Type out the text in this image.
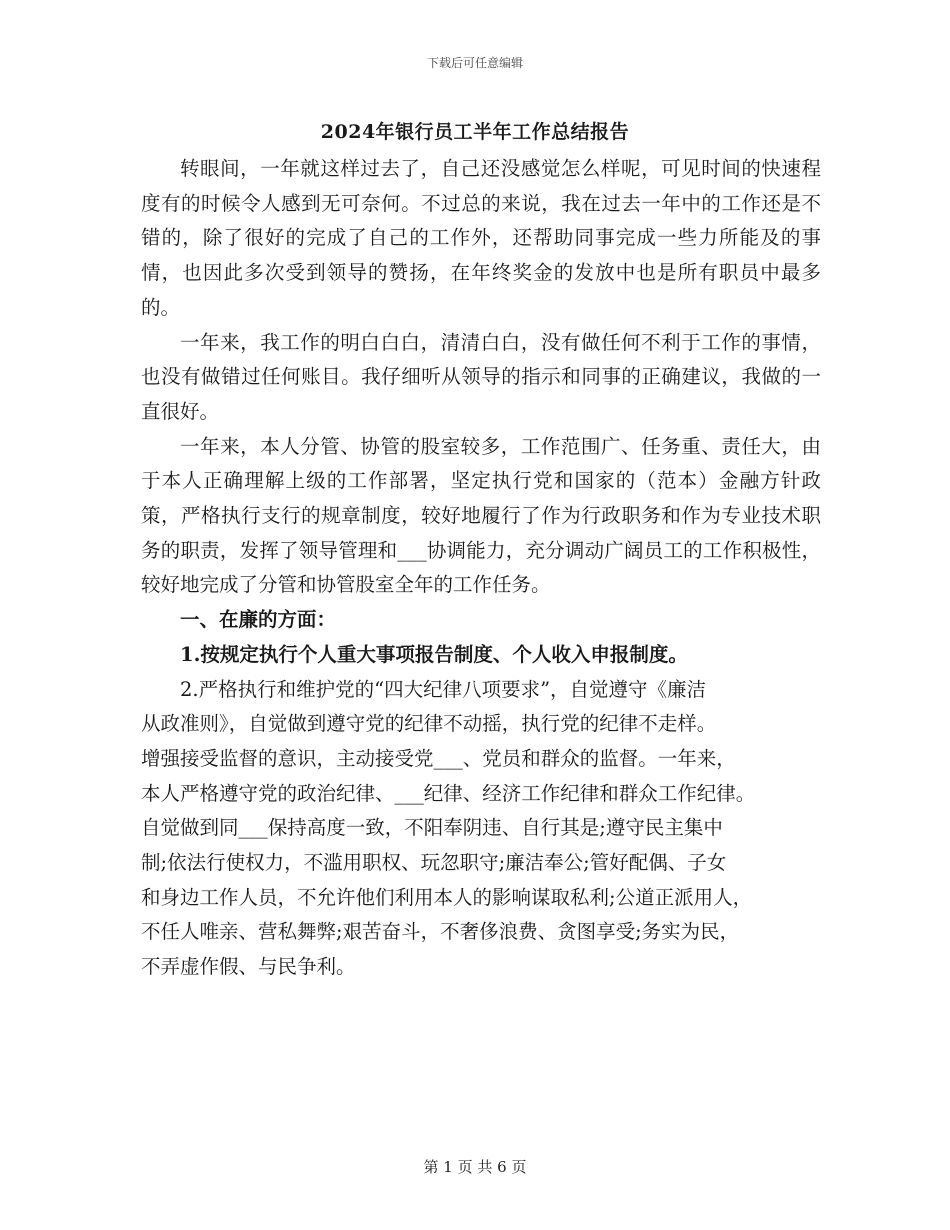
下载后可任意编辑
2024年银行员工半年工作总结报告

转眼间，一年就这样过去了，自己还没感觉怎么样呢，可见时间的快速程度有的时候令人感到无可奈何。不过总的来说，我在过去一年中的工作还是不错的，除了很好的完成了自己的工作外，还帮助同事完成一些力所能及的事情，也因此多次受到领导的赞扬，在年终奖金的发放中也是所有职员中最多的。

一年来，我工作的明白白白，清清白白，没有做任何不利于工作的事情，也没有做错过任何账目。我仔细听从领导的指示和同事的正确建议，我做的一直很好。

一年来，本人分管、协管的股室较多，工作范围广、任务重、责任大，由于本人正确理解上级的工作部署，坚定执行党和国家的（范本）金融方针政策，严格执行支行的规章制度，较好地履行了作为行政职务和作为专业技术职务的职责，发挥了领导管理和___协调能力，充分调动广阔员工的工作积极性，较好地完成了分管和协管股室全年的工作任务。

一、在廉的方面：

1.按规定执行个人重大事项报告制度、个人收入申报制度。

2.严格执行和维护党的“四大纪律八项要求”，自觉遵守《廉洁
从政准则》，自觉做到遵守党的纪律不动摇，执行党的纪律不走样。
增强接受监督的意识，主动接受党___、党员和群众的监督。一年来，
本人严格遵守党的政治纪律、___纪律、经济工作纪律和群众工作纪律。
自觉做到同___保持高度一致，不阳奉阴违、自行其是;遵守民主集中
制;依法行使权力，不滥用职权、玩忽职守;廉洁奉公;管好配偶、子女
和身边工作人员，不允许他们利用本人的影响谋取私利;公道正派用人，
不任人唯亲、营私舞弊;艰苦奋斗，不奢侈浪费、贪图享受;务实为民，
不弄虚作假、与民争利。
第 1 页 共 6 页
